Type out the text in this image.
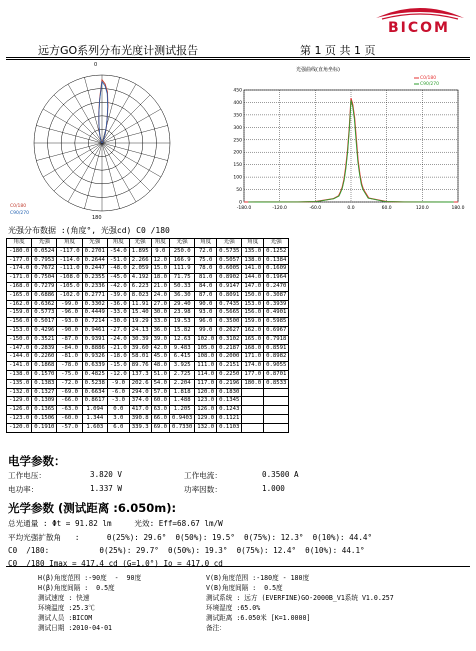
BICOM
远方GO系列分布光度计测试报告	第 1 页 共 1 页
0
180
C0/180
C90/270
-180.0	-120.0	-60.0	0.0	60.0	120.0	180.0
0
50
100
150
200
250
300
350
400
450
光强曲线(直角坐标)
C0/180
C90/270
光强分布数据 :(角度°, 光强cd) C0 /180
角度	光强	角度	光强	角度	光强	角度	光强	角度	光强	角度	光强
-180.0	0.0524	-117.0	0.2701	-54.0	1.895	9.0	250.0	72.0	0.5735	135.0	0.1252
-177.0	0.7953	-114.0	0.2644	-51.0	2.266	12.0	166.9	75.0	0.5057	138.0	0.1384
-174.0	0.7672	-111.0	0.2447	-48.0	2.059	15.0	111.9	78.0	0.6005	141.0	0.1609
-171.0	0.7504	-108.0	0.2355	-45.0	4.192	18.0	71.75	81.0	0.8902	144.0	0.1964
-168.0	0.7279	-105.0	0.2336	-42.0	6.223	21.0	50.33	84.0	0.9147	147.0	0.2470
-165.0	0.6886	-102.0	0.2771	-39.0	8.023	24.0	36.30	87.0	0.8091	150.0	0.3087
-162.0	0.6362	-99.0	0.3302	-36.0	11.91	27.0	29.40	90.0	0.7435	153.0	0.3939
-159.0	0.5773	-96.0	0.4449	-33.0	15.40	30.0	23.98	93.0	0.5665	156.0	0.4901
-156.0	0.5017	-93.0	0.7214	-30.0	19.29	33.0	19.53	96.0	0.3500	159.0	0.5985
-153.0	0.4296	-90.0	0.9461	-27.0	24.13	36.0	15.82	99.0	0.2627	162.0	0.6967
-150.0	0.3521	-87.0	0.9391	-24.0	30.39	39.0	12.63	102.0	0.3102	165.0	0.7918
-147.0	0.2839	-84.0	0.8886	-21.0	39.60	42.0	9.483	105.0	0.2187	168.0	0.8591
-144.0	0.2260	-81.0	0.9326	-18.0	58.01	45.0	6.415	108.0	0.2000	171.0	0.8982
-141.0	0.1868	-78.0	0.6339	-15.0	89.76	48.0	3.925	111.0	0.2151	174.0	0.9055
-138.0	0.1570	-75.0	0.4825	-12.0	137.3	51.0	2.725	114.0	0.2250	177.0	0.8701
-135.0	0.1383	-72.0	0.5238	-9.0	202.6	54.0	2.204	117.0	0.2196	180.0	0.8533
-132.0	0.1327	-69.0	0.6634	-6.0	294.0	57.0	1.818	120.0	0.1830		
-129.0	0.1309	-66.0	0.8617	-3.0	374.0	60.0	1.488	123.0	0.1345		
-126.0	0.1365	-63.0	1.094	0.0	417.0	63.0	1.205	126.0	0.1243		
-123.0	0.1506	-60.0	1.344	3.0	390.8	66.0	0.9403	129.0	0.1121		
-120.0	0.1910	-57.0	1.603	6.0	339.3	69.0	0.7330	132.0	0.1103		
电学参数：
工作电压：	3.820 V	工作电流：	0.3500 A
电功率：	1.337 W	功率因数：	1.000
光学参数 (测试距离 :6.050m):
总光通量 : Φt = 91.82 lm     光效: Eff=68.67 lm/W
平均光强扩散角   :      θ(25%): 29.6°  θ(50%): 19.5°  θ(75%): 12.3°  θ(10%): 44.4°
C0  /180:           θ(25%): 29.7°  θ(50%): 19.3°  θ(75%): 12.4°  θ(10%): 44.1°
C0  /180 Imax = 417.4 cd (G=1.0°) Io = 417.0 cd
H(β)角度范围 :-90度  -  90度
H(β)角度间隔 :  0.5度
测试速度 : 快速
环境温度 :25.3℃
测试人员 :BICOM
测试日期 :2010-04-01
V(B)角度范围 :-180度 - 180度
V(B)角度间隔 :  0.5度
测试系统 : 远方 (EVERFINE)GO-2000B_V1系统 V1.0.257
环境湿度 :65.0%
测试距离 :6.050米 [K=1.0000]
备注：
